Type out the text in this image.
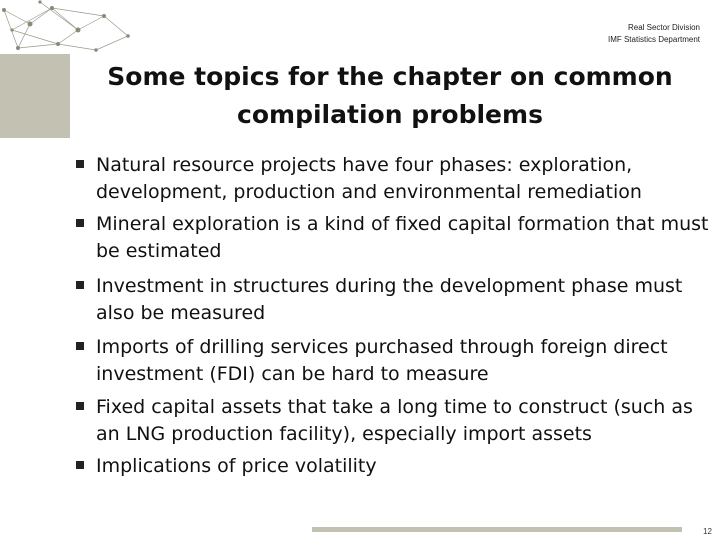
Real Sector Division
IMF Statistics Department
Some topics for the chapter on common
compilation problems
Natural resource projects have four phases: exploration, development, production and environmental remediation
Mineral exploration is a kind of fixed capital formation that must be estimated
Investment in structures during the development phase must also be measured
Imports of drilling services purchased through foreign direct investment (FDI) can be hard to measure
Fixed capital assets that take a long time to construct (such as an LNG production facility), especially import assets
Implications of price volatility
12
